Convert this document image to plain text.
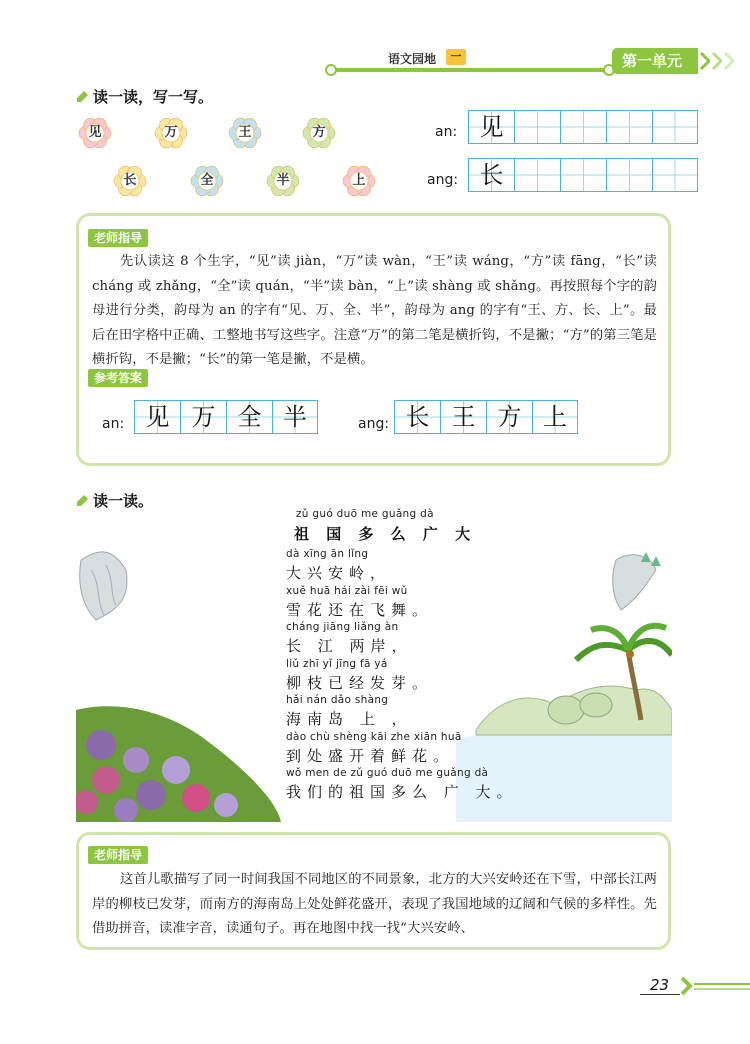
语文园地	一	第一单元
读一读，写一写。
见	万	王	方
长	全	半	上
an: 见
ang: 长
老师指导
先认读这 8 个生字，“见”读 jiàn，“万”读 wàn，“王”读 wáng，“方”读 fāng，“长”读 cháng 或 zhǎng，“全”读 quán，“半”读 bàn，“上”读 shàng 或 shǎng。再按照每个字的韵母进行分类，韵母为 an 的字有“见、万、全、半”，韵母为 ang 的字有“王、方、长、上”。最后在田字格中正确、工整地书写这些字。注意“万”的第二笔是横折钩，不是撇；“方”的第三笔是横折钩，不是撇；“长”的第一笔是撇，不是横。
参考答案
an: 见 万 全 半	ang: 长 王 方 上
读一读。
zǔ guó duō me guǎng dà
祖 国 多 么 广 大
dà xīng ān lǐng
大兴安岭，
xuě huā hái zài fēi wǔ
雪花还在飞舞。
cháng jiāng liǎng àn
长 江 两岸，
liǔ zhī yǐ jīng fā yá
柳枝已经发芽。
hǎi nán dǎo shàng
海南岛 上 ，
dào chù shèng kāi zhe xiān huā
到处盛开着鲜花。
wǒ men de zǔ guó duō me guǎng dà
我们的祖国多么 广 大。
老师指导
这首儿歌描写了同一时间我国不同地区的不同景象，北方的大兴安岭还在下雪，中部长江两岸的柳枝已发芽，而南方的海南岛上处处鲜花盛开，表现了我国地域的辽阔和气候的多样性。先借助拼音，读准字音，读通句子。再在地图中找一找“大兴安岭、
23
